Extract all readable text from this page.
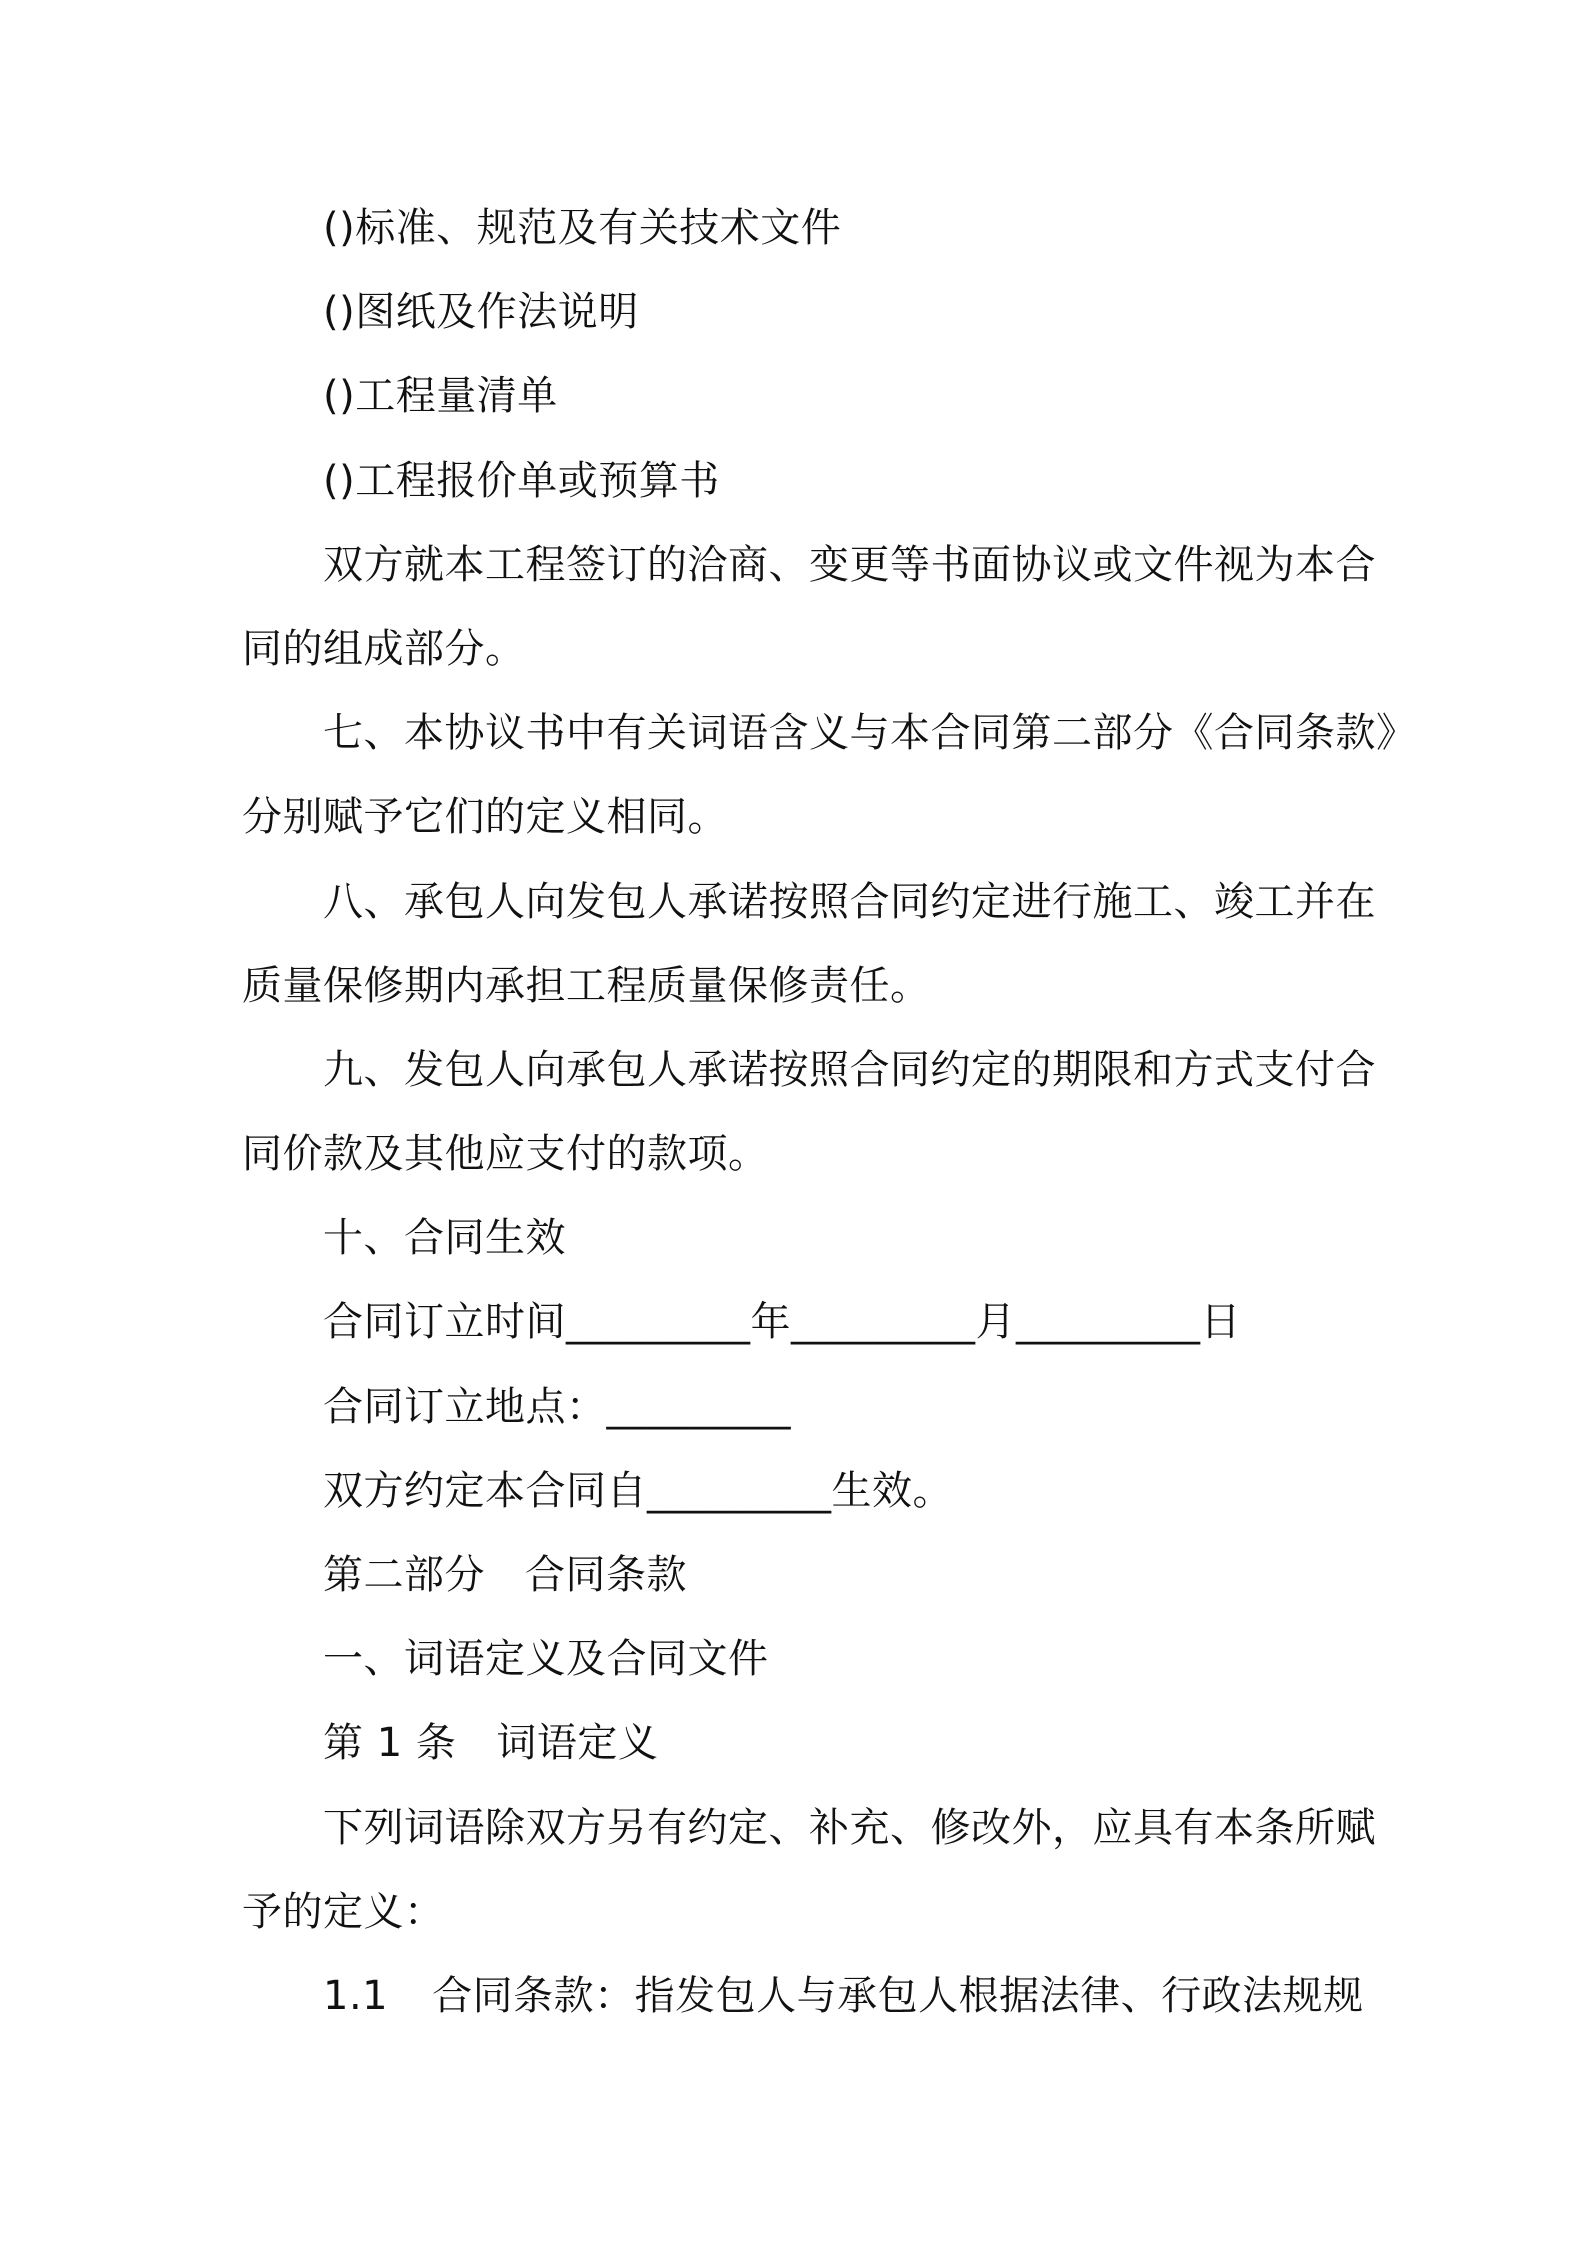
()标准、规范及有关技术文件
()图纸及作法说明
()工程量清单
()工程报价单或预算书
双方就本工程签订的洽商、变更等书面协议或文件视为本合
同的组成部分。
七、本协议书中有关词语含义与本合同第二部分《合同条款》
分别赋予它们的定义相同。
八、承包人向发包人承诺按照合同约定进行施工、竣工并在
质量保修期内承担工程质量保修责任。
九、发包人向承包人承诺按照合同约定的期限和方式支付合
同价款及其他应支付的款项。
十、合同生效
合同订立时间_________年_________月_________日
合同订立地点：_________
双方约定本合同自_________生效。
第二部分 合同条款
一、词语定义及合同文件
第 1 条 词语定义
下列词语除双方另有约定、补充、修改外，应具有本条所赋
予的定义：
1.1 合同条款：指发包人与承包人根据法律、行政法规规
